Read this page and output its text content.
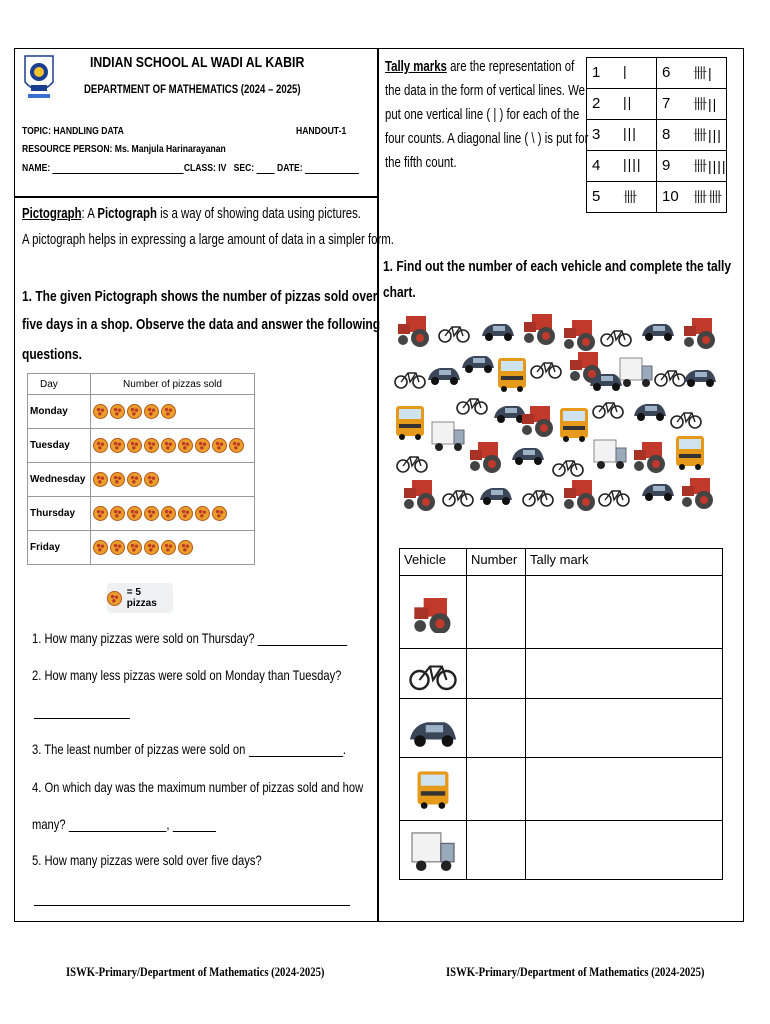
INDIAN SCHOOL AL WADI AL KABIR
DEPARTMENT OF MATHEMATICS (2024 – 2025)
TOPIC: HANDLING DATA	HANDOUT-1
RESOURCE PERSON: Ms. Manjula Harinarayanan
NAME:	CLASS: IV SEC: DATE:
Pictograph: A Pictograph is a way of showing data using pictures.
A pictograph helps in expressing a large amount of data in a simpler form.
1. The given Pictograph shows the number of pizzas sold over
five days in a shop. Observe the data and answer the following
questions.
Day	Number of pizzas sold
Monday	
Tuesday	
Wednesday	
Thursday	
Friday	
= 5 pizzas
1. How many pizzas were sold on Thursday?
2. How many less pizzas were sold on Monday than Tuesday?
3. The least number of pizzas were sold on	.
4. On which day was the maximum number of pizzas sold and how
many?	,
5. How many pizzas were sold over five days?
Tally marks are the representation of
the data in the form of vertical lines. We
put one vertical line ( | ) for each of the
four counts. A diagonal line ( \ ) is put for
the fifth count.
1 |	6 卌|

2 ||	7 卌||

3 |||	8 卌|||

4 ||||	9 卌||||

5 卌	10 卌卌
1. Find out the number of each vehicle and complete the tally
chart.
Vehicle	Number	Tally mark

ISWK-Primary/Department of Mathematics (2024-2025)	ISWK-Primary/Department of Mathematics (2024-2025)
